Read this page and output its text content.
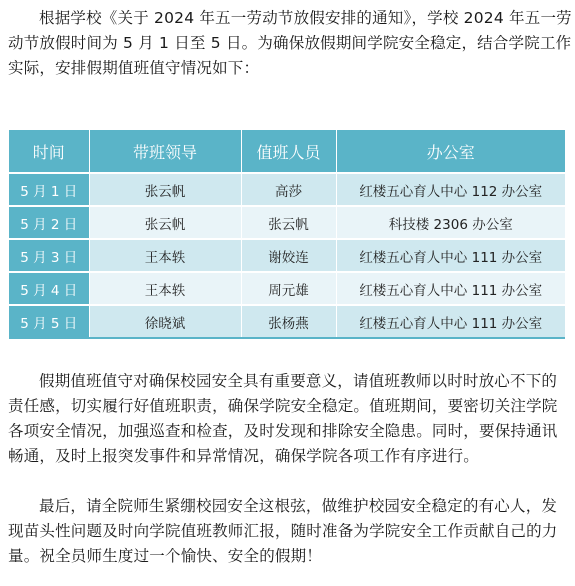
根据学校《关于 2024 年五一劳动节放假安排的通知》，学校 2024 年五一劳
动节放假时间为 5 月 1 日至 5 日。为确保放假期间学院安全稳定，结合学院工作
实际，安排假期值班值守情况如下：
时间	带班领导	值班人员	办公室
5 月 1 日	张云帆	高莎	红楼五心育人中心 112 办公室
5 月 2 日	张云帆	张云帆	科技楼 2306 办公室
5 月 3 日	王本轶	谢姣连	红楼五心育人中心 111 办公室
5 月 4 日	王本轶	周元雄	红楼五心育人中心 111 办公室
5 月 5 日	徐晓斌	张杨燕	红楼五心育人中心 111 办公室
假期值班值守对确保校园安全具有重要意义，请值班教师以时时放心不下的
责任感，切实履行好值班职责，确保学院安全稳定。值班期间，要密切关注学院
各项安全情况，加强巡查和检查，及时发现和排除安全隐患。同时，要保持通讯
畅通，及时上报突发事件和异常情况，确保学院各项工作有序进行。
最后，请全院师生紧绷校园安全这根弦，做维护校园安全稳定的有心人，发
现苗头性问题及时向学院值班教师汇报，随时准备为学院安全工作贡献自己的力
量。祝全员师生度过一个愉快、安全的假期！
